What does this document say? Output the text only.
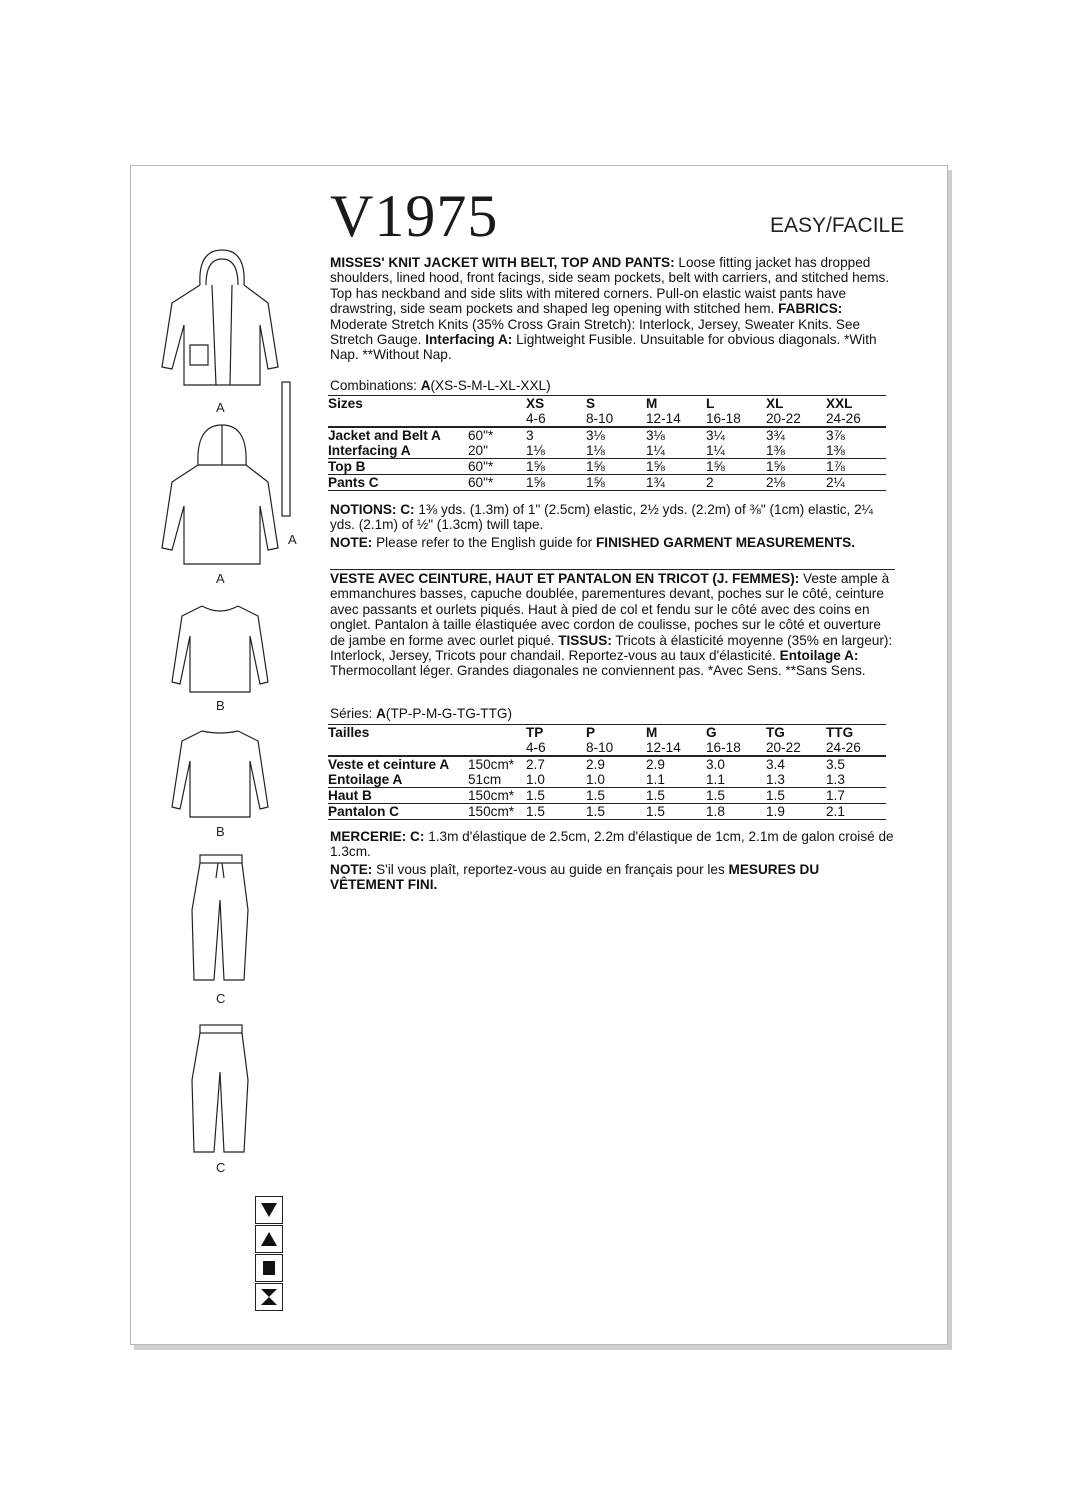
V1975	EASY/FACILE
MISSES' KNIT JACKET WITH BELT, TOP AND PANTS: Loose fitting jacket has dropped shoulders, lined hood, front facings, side seam pockets, belt with carriers, and stitched hems. Top has neckband and side slits with mitered corners. Pull-on elastic waist pants have drawstring, side seam pockets and shaped leg opening with stitched hem. FABRICS: Moderate Stretch Knits (35% Cross Grain Stretch): Interlock, Jersey, Sweater Knits. See Stretch Gauge. Interfacing A: Lightweight Fusible. Unsuitable for obvious diagonals. *With Nap. **Without Nap.
Combinations: A(XS-S-M-L-XL-XXL)
Sizes		XS	S	M	L	XL	XXL
		4-6	8-10	12-14	16-18	20-22	24-26
Jacket and Belt A	60"*	3	3⅛	3⅛	3¼	3¾	3⅞
Interfacing A	20"	1⅛	1⅛	1¼	1¼	1⅜	1⅜
Top B	60"*	1⅝	1⅝	1⅝	1⅝	1⅝	1⅞
Pants C	60"*	1⅝	1⅝	1¾	2	2⅛	2¼

NOTIONS: C: 1⅜ yds. (1.3m) of 1" (2.5cm) elastic, 2½ yds. (2.2m) of ⅜" (1cm) elastic, 2¼ yds. (2.1m) of ½" (1.3cm) twill tape.
NOTE: Please refer to the English guide for FINISHED GARMENT MEASUREMENTS.
VESTE AVEC CEINTURE, HAUT ET PANTALON EN TRICOT (J. FEMMES): Veste ample à emmanchures basses, capuche doublée, parementures devant, poches sur le côté, ceinture avec passants et ourlets piqués. Haut à pied de col et fendu sur le côté avec des coins en onglet. Pantalon à taille élastiquée avec cordon de coulisse, poches sur le côté et ouverture de jambe en forme avec ourlet piqué. TISSUS: Tricots à élasticité moyenne (35% en largeur): Interlock, Jersey, Tricots pour chandail. Reportez-vous au taux d'élasticité. Entoilage A: Thermocollant léger. Grandes diagonales ne conviennent pas. *Avec Sens. **Sans Sens.
Séries: A(TP-P-M-G-TG-TTG)
Tailles		TP	P	M	G	TG	TTG
		4-6	8-10	12-14	16-18	20-22	24-26
Veste et ceinture A	150cm*	2.7	2.9	2.9	3.0	3.4	3.5
Entoilage A	51cm	1.0	1.0	1.1	1.1	1.3	1.3
Haut B	150cm*	1.5	1.5	1.5	1.5	1.5	1.7
Pantalon C	150cm*	1.5	1.5	1.5	1.8	1.9	2.1

MERCERIE: C: 1.3m d'élastique de 2.5cm, 2.2m d'élastique de 1cm, 2.1m de galon croisé de 1.3cm.
NOTE: S'il vous plaît, reportez-vous au guide en français pour les MESURES DU VÊTEMENT FINI.
A
A
A
B
B
C
C
